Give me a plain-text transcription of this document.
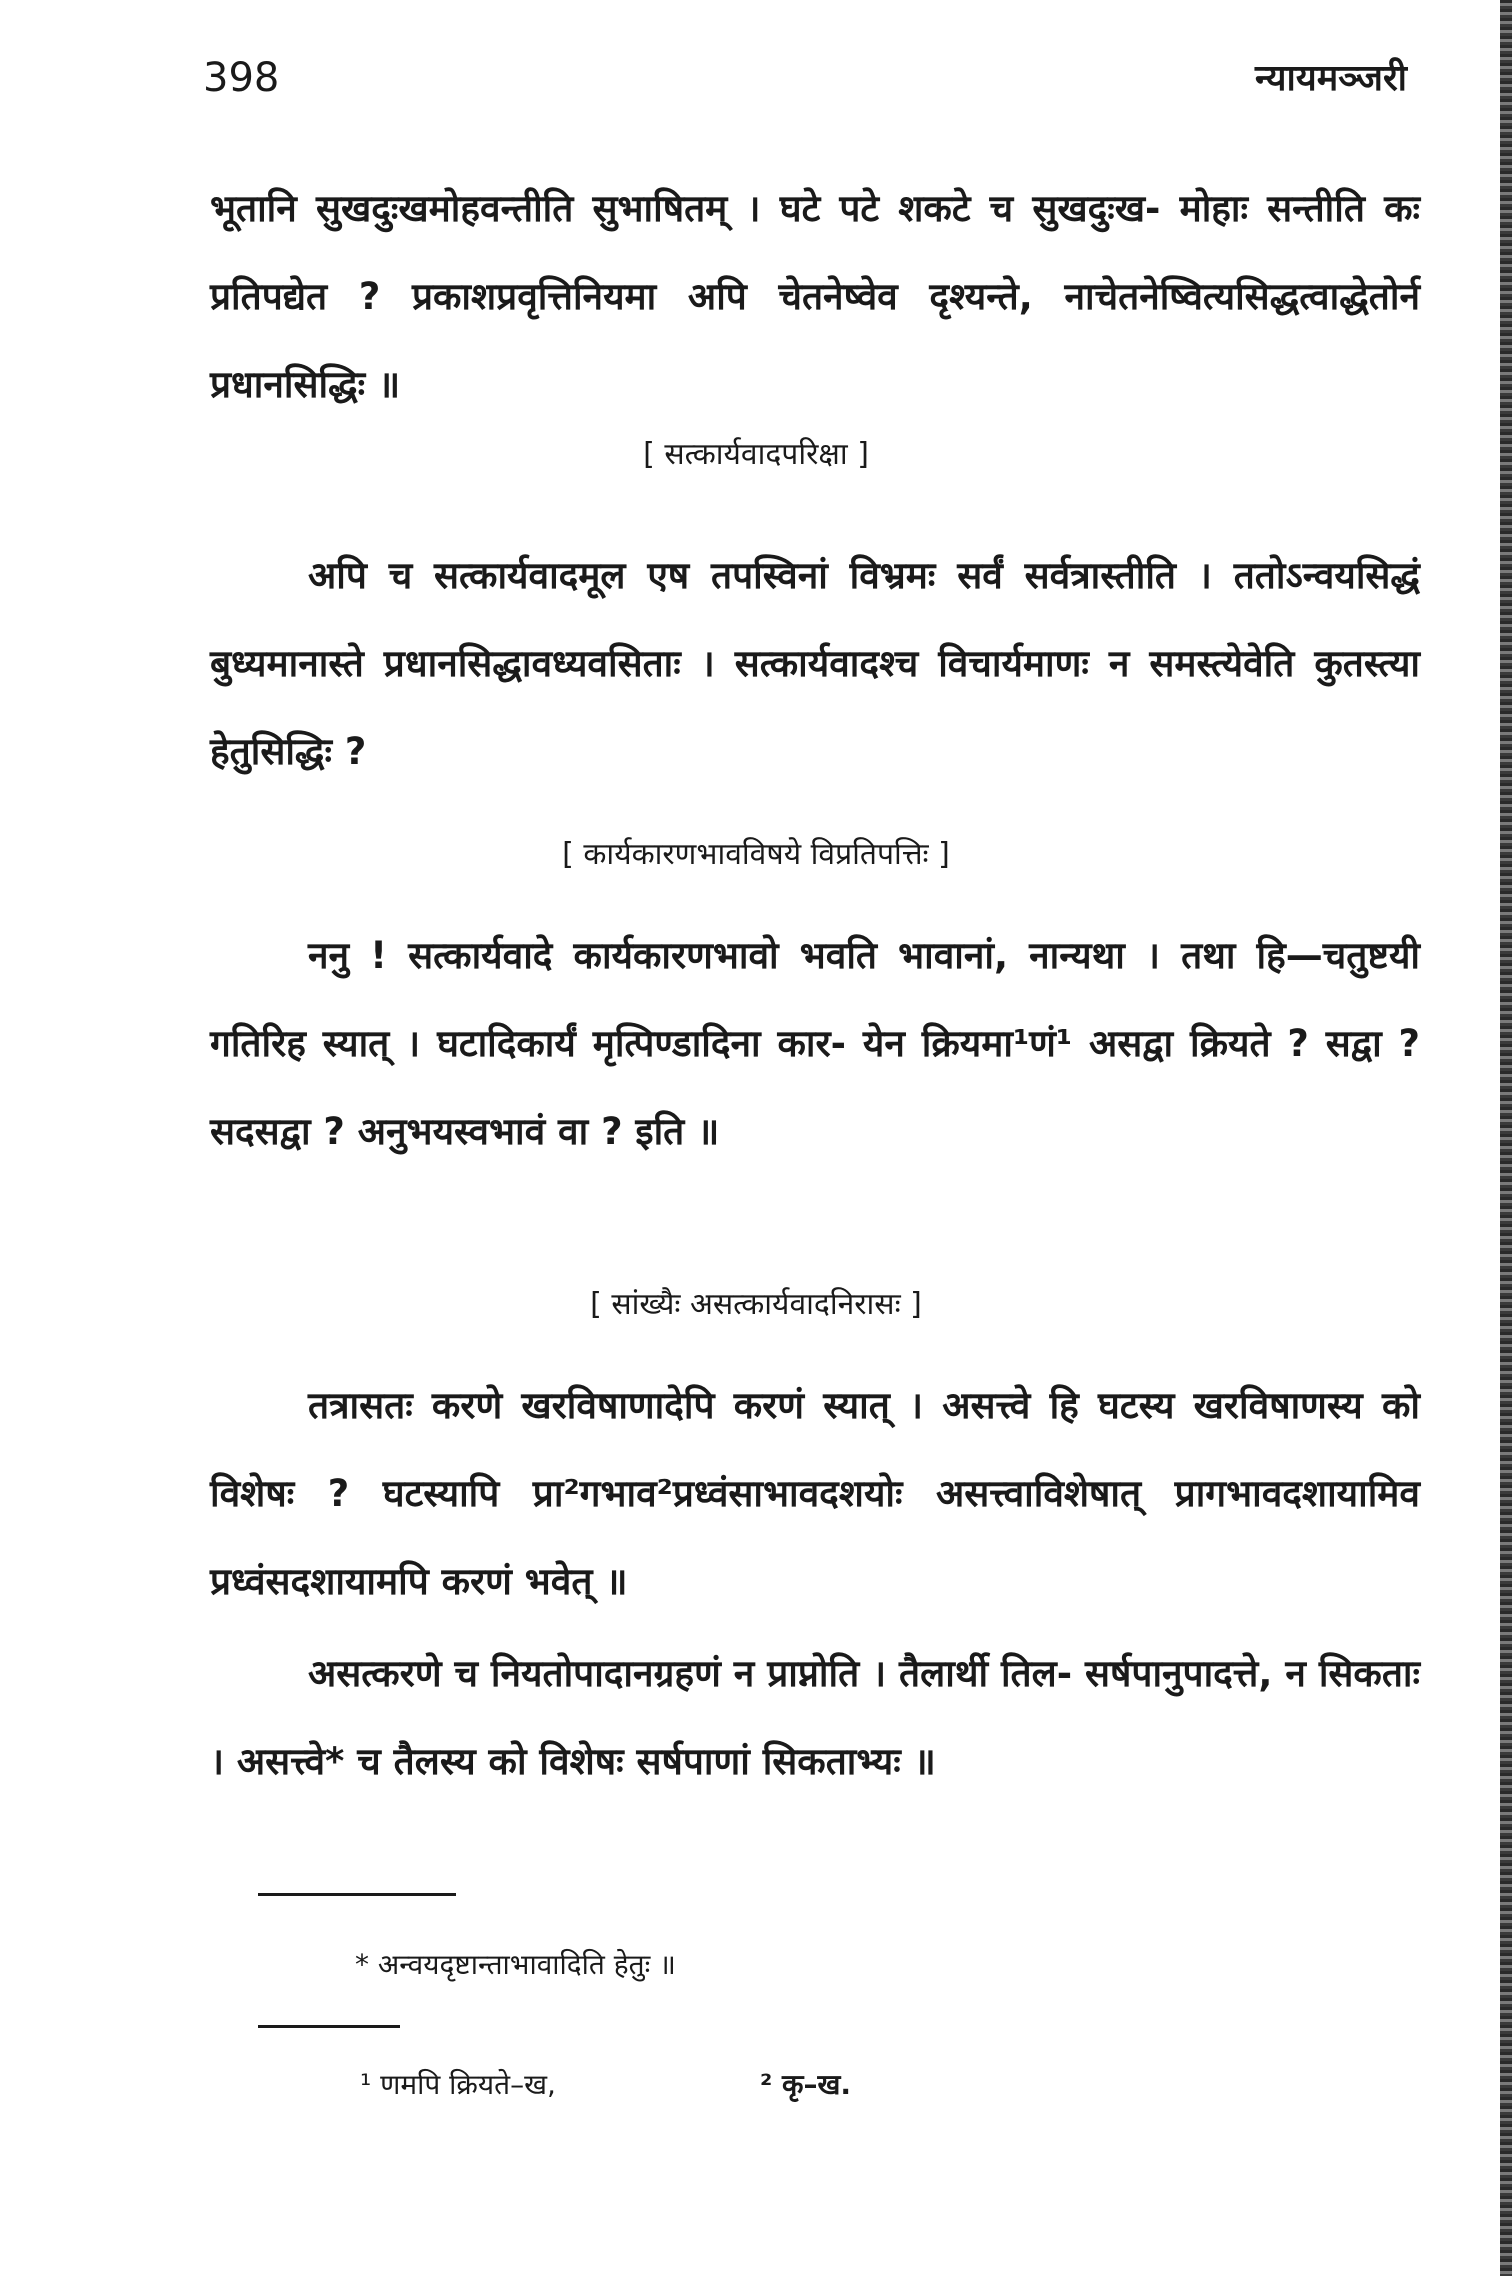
398	न्यायमञ्जरी

भूतानि सुखदुःखमोहवन्तीति सुभाषितम् । घटे पटे शकटे च सुखदुःख- मोहाः सन्तीति कः प्रतिपद्येत ? प्रकाशप्रवृत्तिनियमा अपि चेतनेष्वेव दृश्यन्ते, नाचेतनेष्वित्यसिद्धत्वाद्धेतोर्न प्रधानसिद्धिः ॥

[ सत्कार्यवादपरिक्षा ]

अपि च सत्कार्यवादमूल एष तपस्विनां विभ्रमः सर्वं सर्वत्रास्तीति । ततोऽन्वयसिद्धं बुध्यमानास्ते प्रधानसिद्धावध्यवसिताः । सत्कार्यवादश्च विचार्यमाणः न समस्त्येवेति कुतस्त्या हेतुसिद्धिः ?

[ कार्यकारणभावविषये विप्रतिपत्तिः ]

ननु ! सत्कार्यवादे कार्यकारणभावो भवति भावानां, नान्यथा । तथा हि—चतुष्टयी गतिरिह स्यात् । घटादिकार्यं मृत्पिण्डादिना कार- येन क्रियमा¹णं¹ असद्वा क्रियते ? सद्वा ? सदसद्वा ? अनुभयस्वभावं वा ? इति ॥

[ सांख्यैः असत्कार्यवादनिरासः ]

तत्रासतः करणे खरविषाणादेपि करणं स्यात् । असत्त्वे हि घटस्य खरविषाणस्य को विशेषः ? घटस्यापि प्रा²गभाव²प्रध्वंसाभावदशयोः असत्त्वाविशेषात् प्रागभावदशायामिव प्रध्वंसदशायामपि करणं भवेत् ॥

असत्करणे च नियतोपादानग्रहणं न प्राप्नोति । तैलार्थी तिल- सर्षपानुपादत्ते, न सिकताः । असत्त्वे* च तैलस्य को विशेषः सर्षपाणां सिकताभ्यः ॥

* अन्वयदृष्टान्ताभावादिति हेतुः ॥
¹ णमपि क्रियते–ख,	² कृ–ख.
